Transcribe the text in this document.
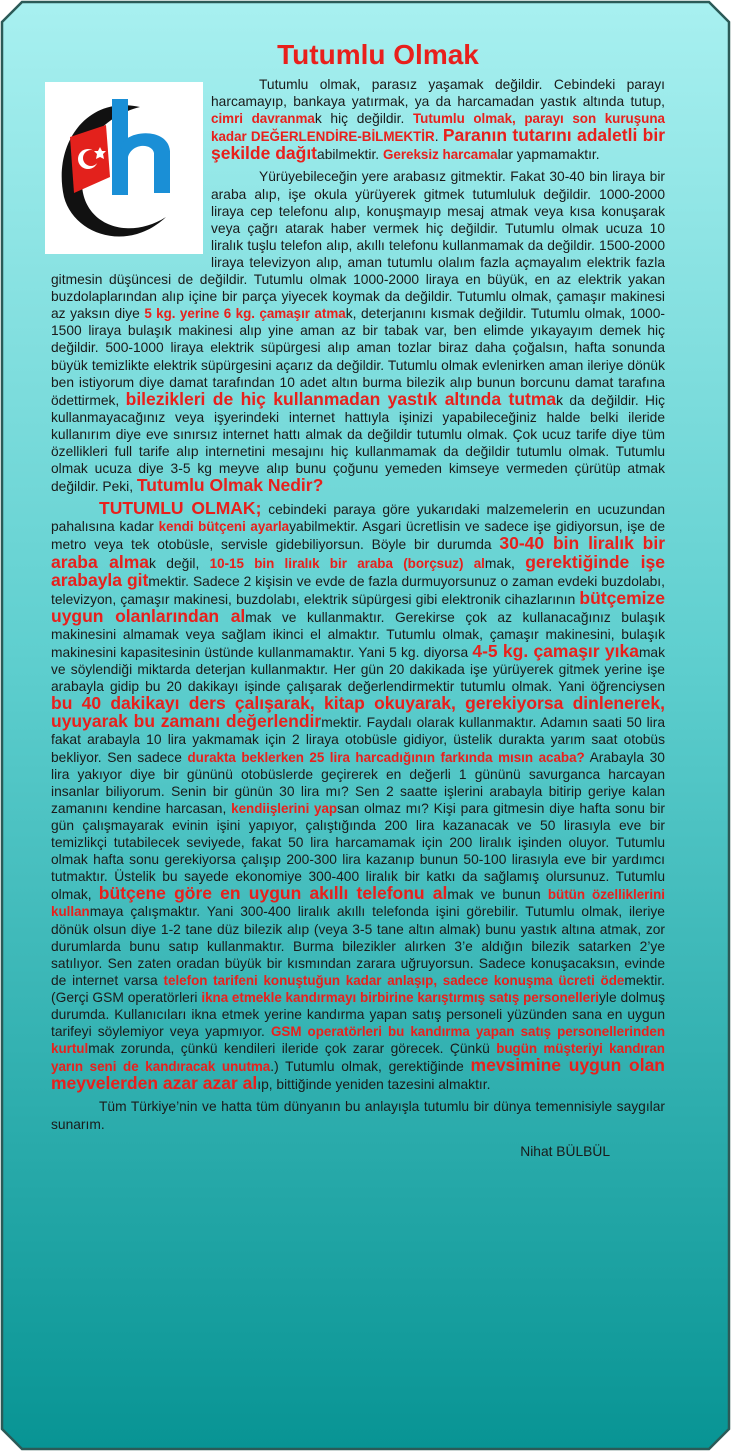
Tutumlu Olmak

Tutumlu olmak, parasız yaşamak değildir. Cebindeki parayı harcamayıp, bankaya yatırmak, ya da harcamadan yastık altında tutup, cimri davranmak hiç değildir. Tutumlu olmak, parayı son kuruşuna kadar DEĞERLENDİRE-BİLMEKTİR. Paranın tutarını adaletli bir şekilde dağıtabilmektir. Gereksiz harcamalar yapmamaktır.

Yürüyebileceğin yere arabasız gitmektir. Fakat 30-40 bin liraya bir araba alıp, işe okula yürüyerek gitmek tutumluluk değildir. 1000-2000 liraya cep telefonu alıp, konuşmayıp mesaj atmak veya kısa konuşarak veya çağrı atarak haber vermek hiç değildir. Tutumlu olmak ucuza 10 liralık tuşlu telefon alıp, akıllı telefonu kullanmamak da değildir. 1500-2000 liraya televizyon alıp, aman tutumlu olalım fazla açmayalım elektrik fazla gitmesin düşüncesi de değildir. Tutumlu olmak 1000-2000 liraya en büyük, en az elektrik yakan buzdolaplarından alıp içine bir parça yiyecek koymak da değildir. Tutumlu olmak, çamaşır makinesi az yaksın diye 5 kg. yerine 6 kg. çamaşır atmak, deterjanını kısmak değildir. Tutumlu olmak, 1000-1500 liraya bulaşık makinesi alıp yine aman az bir tabak var, ben elimde yıkayayım demek hiç değildir. 500-1000 liraya elektrik süpürgesi alıp aman tozlar biraz daha çoğalsın, hafta sonunda büyük temizlikte elektrik süpürgesini açarız da değildir. Tutumlu olmak evlenirken aman ileriye dönük ben istiyorum diye damat tarafından 10 adet altın burma bilezik alıp bunun borcunu damat tarafına ödettirmek, bilezikleri de hiç kullanmadan yastık altında tutmak da değildir. Hiç kullanmayacağınız veya işyerindeki internet hattıyla işinizi yapabileceğiniz halde belki ileride kullanırım diye eve sınırsız internet hattı almak da değildir tutumlu olmak. Çok ucuz tarife diye tüm özellikleri full tarife alıp internetini mesajını hiç kullanmamak da değildir tutumlu olmak. Tutumlu olmak ucuza diye 3-5 kg meyve alıp bunu çoğunu yemeden kimseye vermeden çürütüp atmak değildir. Peki, Tutumlu Olmak Nedir?

TUTUMLU OLMAK; cebindeki paraya göre yukarıdaki malzemelerin en ucuzundan pahalısına kadar kendi bütçeni ayarlayabilmektir. Asgari ücretlisin ve sadece işe gidiyorsun, işe de metro veya tek otobüsle, servisle gidebiliyorsun. Böyle bir durumda 30-40 bin liralık bir araba almak değil, 10-15 bin liralık bir araba (borçsuz) almak, gerektiğinde işe arabayla gitmektir. Sadece 2 kişisin ve evde de fazla durmuyorsunuz o zaman evdeki buzdolabı, televizyon, çamaşır makinesi, buzdolabı, elektrik süpürgesi gibi elektronik cihazlarının bütçemize uygun olanlarından almak ve kullanmaktır. Gerekirse çok az kullanacağınız bulaşık makinesini almamak veya sağlam ikinci el almaktır. Tutumlu olmak, çamaşır makinesini, bulaşık makinesini kapasitesinin üstünde kullanmamaktır. Yani 5 kg. diyorsa 4-5 kg. çamaşır yıkamak ve söylendiği miktarda deterjan kullanmaktır. Her gün 20 dakikada işe yürüyerek gitmek yerine işe arabayla gidip bu 20 dakikayı işinde çalışarak değerlendirmektir tutumlu olmak. Yani öğrenciysen bu 40 dakikayı ders çalışarak, kitap okuyarak, gerekiyorsa dinlenerek, uyuyarak bu zamanı değerlendirmektir. Faydalı olarak kullanmaktır. Adamın saati 50 lira fakat arabayla 10 lira yakmamak için 2 liraya otobüsle gidiyor, üstelik durakta yarım saat otobüs bekliyor. Sen sadece durakta beklerken 25 lira harcadığının farkında mısın acaba? Arabayla 30 lira yakıyor diye bir gününü otobüslerde geçirerek en değerli 1 gününü savurganca harcayan insanlar biliyorum. Senin bir günün 30 lira mı? Sen 2 saatte işlerini arabayla bitirip geriye kalan zamanını kendine harcasan, kendiişlerini yapsan olmaz mı? Kişi para gitmesin diye hafta sonu bir gün çalışmayarak evinin işini yapıyor, çalıştığında 200 lira kazanacak ve 50 lirasıyla eve bir temizlikçi tutabilecek seviyede, fakat 50 lira harcamamak için 200 liralık işinden oluyor. Tutumlu olmak hafta sonu gerekiyorsa çalışıp 200-300 lira kazanıp bunun 50-100 lirasıyla eve bir yardımcı tutmaktır. Üstelik bu sayede ekonomiye 300-400 liralık bir katkı da sağlamış olursunuz. Tutumlu olmak, bütçene göre en uygun akıllı telefonu almak ve bunun bütün özelliklerini kullanmaya çalışmaktır. Yani 300-400 liralık akıllı telefonda işini görebilir. Tutumlu olmak, ileriye dönük olsun diye 1-2 tane düz bilezik alıp (veya 3-5 tane altın almak) bunu yastık altına atmak, zor durumlarda bunu satıp kullanmaktır. Burma bilezikler alırken 3’e aldığın bilezik satarken 2’ye satılıyor. Sen zaten oradan büyük bir kısmından zarara uğruyorsun. Sadece konuşacaksın, evinde de internet varsa telefon tarifeni konuştuğun kadar anlaşıp, sadece konuşma ücreti ödemektir. (Gerçi GSM operatörleri ikna etmekle kandırmayı birbirine karıştırmış satış personelleriyle dolmuş durumda. Kullanıcıları ikna etmek yerine kandırma yapan satış personeli yüzünden sana en uygun tarifeyi söylemiyor veya yapmıyor. GSM operatörleri bu kandırma yapan satış personellerinden kurtulmak zorunda, çünkü kendileri ileride çok zarar görecek. Çünkü bugün müşteriyi kandıran yarın seni de kandıracak unutma.) Tutumlu olmak, gerektiğinde mevsimine uygun olan meyvelerden azar azar alıp, bittiğinde yeniden tazesini almaktır.

Tüm Türkiye’nin ve hatta tüm dünyanın bu anlayışla tutumlu bir dünya temennisiyle saygılar sunarım.

Nihat BÜLBÜL
